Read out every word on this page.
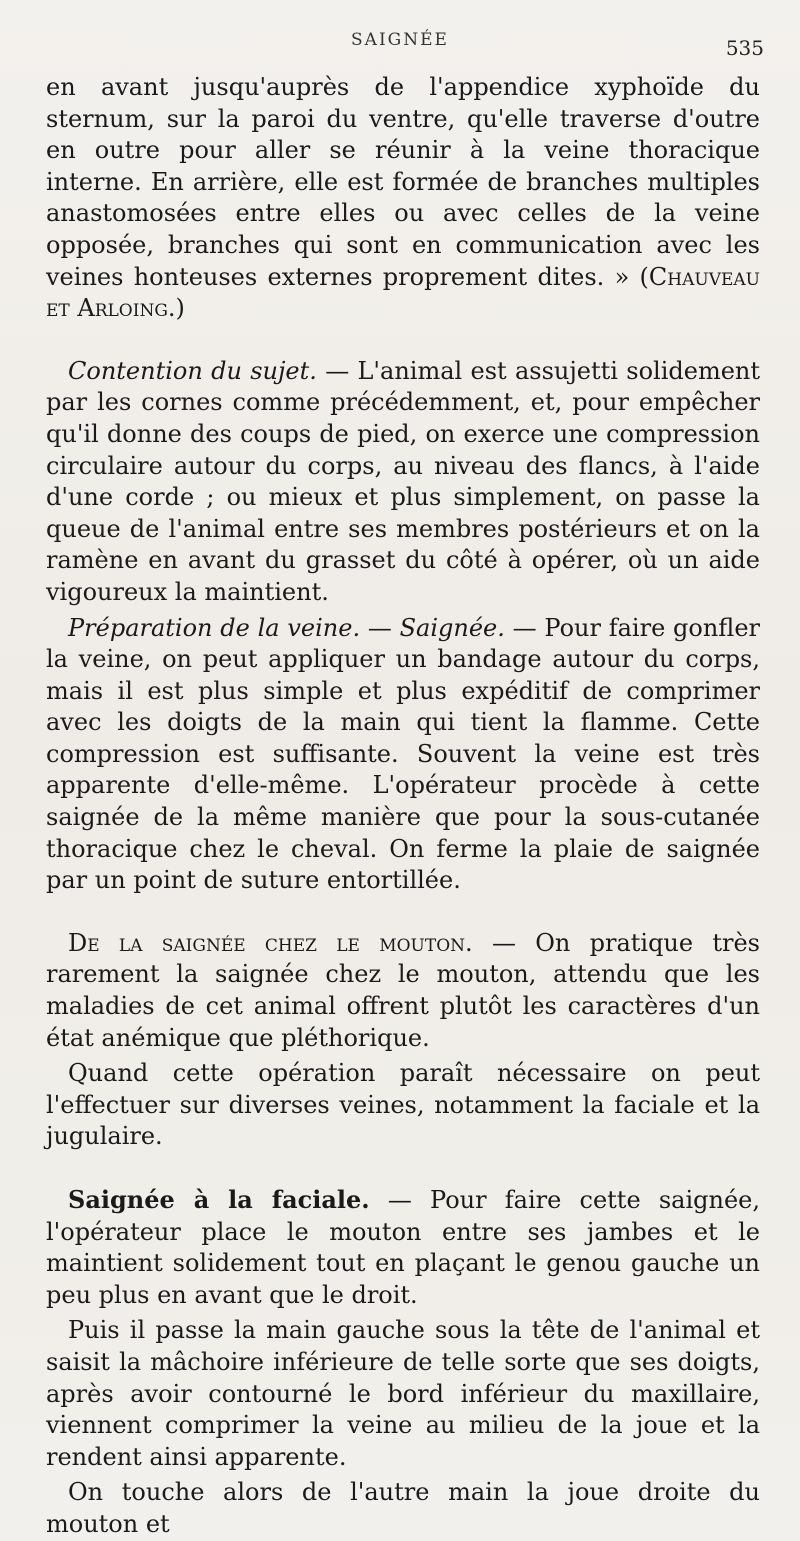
SAIGNÉE	535

en avant jusqu'auprès de l'appendice xyphoïde du sternum, sur la paroi du ventre, qu'elle traverse d'outre en outre pour aller se réunir à la veine thoracique interne. En arrière, elle est formée de branches multiples anastomosées entre elles ou avec celles de la veine opposée, branches qui sont en communication avec les veines honteuses externes proprement dites. » (Chauveau et Arloing.)

Contention du sujet. — L'animal est assujetti solidement par les cornes comme précédemment, et, pour empêcher qu'il donne des coups de pied, on exerce une compression circulaire autour du corps, au niveau des flancs, à l'aide d'une corde ; ou mieux et plus simplement, on passe la queue de l'animal entre ses membres postérieurs et on la ramène en avant du grasset du côté à opérer, où un aide vigoureux la maintient.

Préparation de la veine. — Saignée. — Pour faire gonfler la veine, on peut appliquer un bandage autour du corps, mais il est plus simple et plus expéditif de comprimer avec les doigts de la main qui tient la flamme. Cette compression est suffisante. Souvent la veine est très apparente d'elle-même. L'opérateur procède à cette saignée de la même manière que pour la sous-cutanée thoracique chez le cheval. On ferme la plaie de saignée par un point de suture entortillée.

De la saignée chez le mouton. — On pratique très rarement la saignée chez le mouton, attendu que les maladies de cet animal offrent plutôt les caractères d'un état anémique que pléthorique.

Quand cette opération paraît nécessaire on peut l'effectuer sur diverses veines, notamment la faciale et la jugulaire.

Saignée à la faciale. — Pour faire cette saignée, l'opérateur place le mouton entre ses jambes et le maintient solidement tout en plaçant le genou gauche un peu plus en avant que le droit.

Puis il passe la main gauche sous la tête de l'animal et saisit la mâchoire inférieure de telle sorte que ses doigts, après avoir contourné le bord inférieur du maxillaire, viennent comprimer la veine au milieu de la joue et la rendent ainsi apparente.

On touche alors de l'autre main la joue droite du mouton et
